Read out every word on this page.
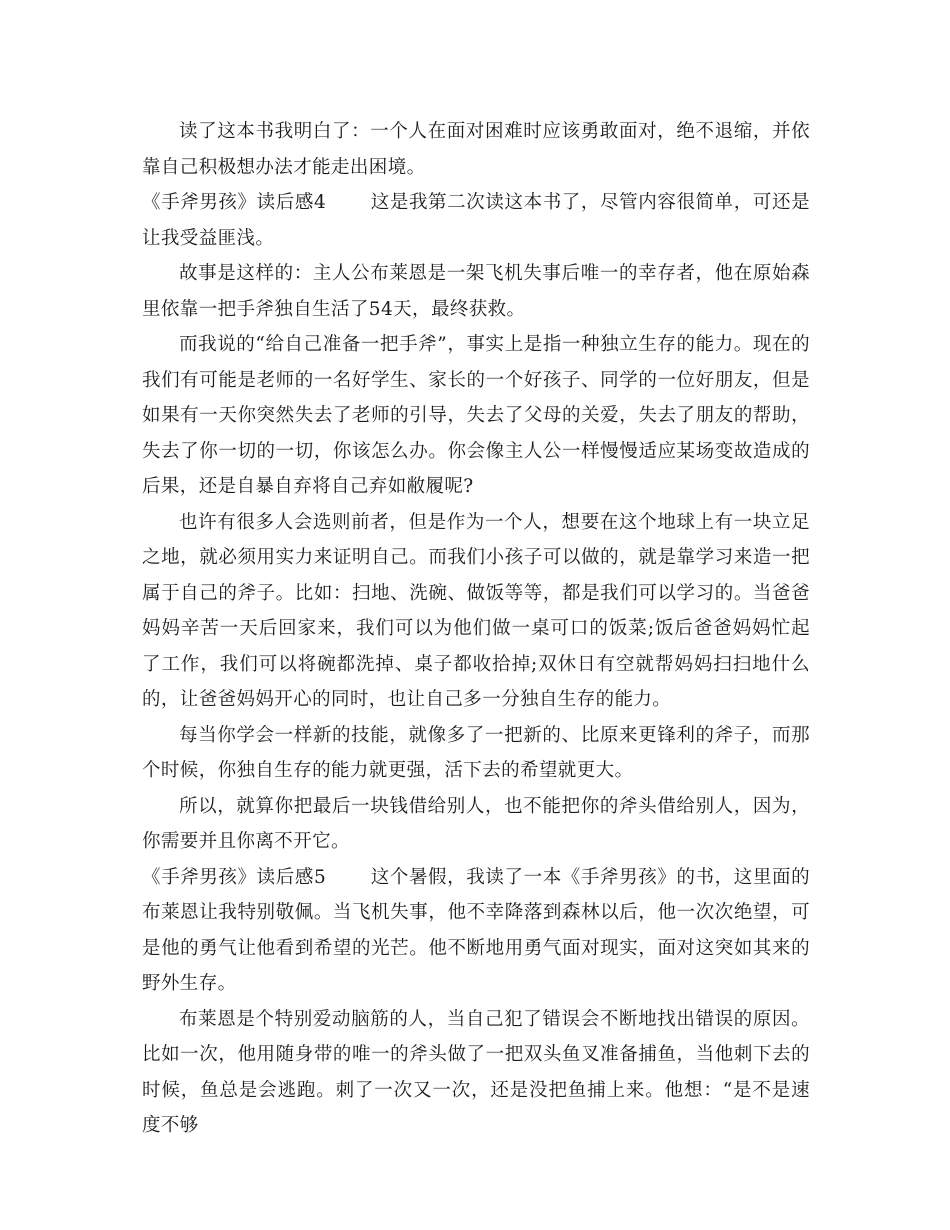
读了这本书我明白了：一个人在面对困难时应该勇敢面对，绝不退缩，并依靠自己积极想办法才能走出困境。

《手斧男孩》读后感4 这是我第二次读这本书了，尽管内容很简单，可还是让我受益匪浅。

故事是这样的：主人公布莱恩是一架飞机失事后唯一的幸存者，他在原始森里依靠一把手斧独自生活了54天，最终获救。

而我说的“给自己准备一把手斧”，事实上是指一种独立生存的能力。现在的我们有可能是老师的一名好学生、家长的一个好孩子、同学的一位好朋友，但是如果有一天你突然失去了老师的引导，失去了父母的关爱，失去了朋友的帮助，失去了你一切的一切，你该怎么办。你会像主人公一样慢慢适应某场变故造成的后果，还是自暴自弃将自己弃如敝履呢?

也许有很多人会选则前者，但是作为一个人，想要在这个地球上有一块立足之地，就必须用实力来证明自己。而我们小孩子可以做的，就是靠学习来造一把属于自己的斧子。比如：扫地、洗碗、做饭等等，都是我们可以学习的。当爸爸妈妈辛苦一天后回家来，我们可以为他们做一桌可口的饭菜;饭后爸爸妈妈忙起了工作，我们可以将碗都洗掉、桌子都收拾掉;双休日有空就帮妈妈扫扫地什么的，让爸爸妈妈开心的同时，也让自己多一分独自生存的能力。

每当你学会一样新的技能，就像多了一把新的、比原来更锋利的斧子，而那个时候，你独自生存的能力就更强，活下去的希望就更大。

所以，就算你把最后一块钱借给别人，也不能把你的斧头借给别人，因为，你需要并且你离不开它。

《手斧男孩》读后感5 这个暑假，我读了一本《手斧男孩》的书，这里面的布莱恩让我特别敬佩。当飞机失事，他不幸降落到森林以后，他一次次绝望，可是他的勇气让他看到希望的光芒。他不断地用勇气面对现实，面对这突如其来的野外生存。

布莱恩是个特别爱动脑筋的人，当自己犯了错误会不断地找出错误的原因。比如一次，他用随身带的唯一的斧头做了一把双头鱼叉准备捕鱼，当他刺下去的时候，鱼总是会逃跑。刺了一次又一次，还是没把鱼捕上来。他想：“是不是速度不够
